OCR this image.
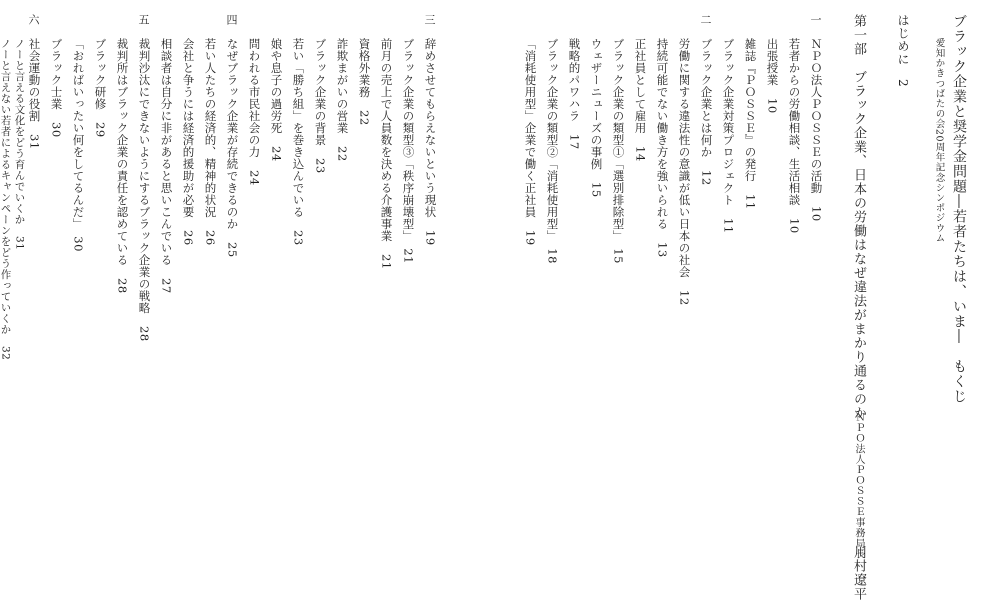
ブラック企業と奨学金問題―若者たちは、いま―　もくじ
愛知かきつばたの会20周年記念シンポジウム
はじめに　2
第一部　ブラック企業、日本の労働はなぜ違法がまかり通るのか
ＮＰＯ法人ＰＯＳＳＥ事務局長
川村遼平
一
ＮＰＯ法人ＰＯＳＳＥの活動　10
若者からの労働相談、生活相談　10
出張授業　10
雑誌『ＰＯＳＳＥ』の発行　11
ブラック企業対策プロジェクト　11
二
ブラック企業とは何か　12
労働に関する違法性の意識が低い日本の社会　12
持続可能でない働き方を強いられる　13
正社員として雇用　14
ブラック企業の類型①「選別排除型」　15
ウェザーニューズの事例　15
戦略的パワハラ　17
ブラック企業の類型②「消耗使用型」　18
「消耗使用型」企業で働く正社員　19
三
辞めさせてもらえないという現状　19
ブラック企業の類型③「秩序崩壊型」　21
前月の売上で人員数を決める介護事業　21
資格外業務　22
詐欺まがいの営業　22
ブラック企業の背景　23
若い「勝ち組」を巻き込んでいる　23
娘や息子の過労死　24
問われる市民社会の力　24
四
なぜブラック企業が存続できるのか　25
若い人たちの経済的、精神的状況　26
会社と争うには経済的援助が必要　26
相談者は自分に非があると思いこんでいる　27
五
裁判沙汰にできないようにするブラック企業の戦略　28
裁判所はブラック企業の責任を認めている　28
ブラック研修　29
「おればいったい何をしてるんだ」　30
ブラック士業　30
六
社会運動の役割　31
ノーと言える文化をどう育んでいくか　31
ノーと言えない若者によるキャンペーンをどう作っていくか　32
